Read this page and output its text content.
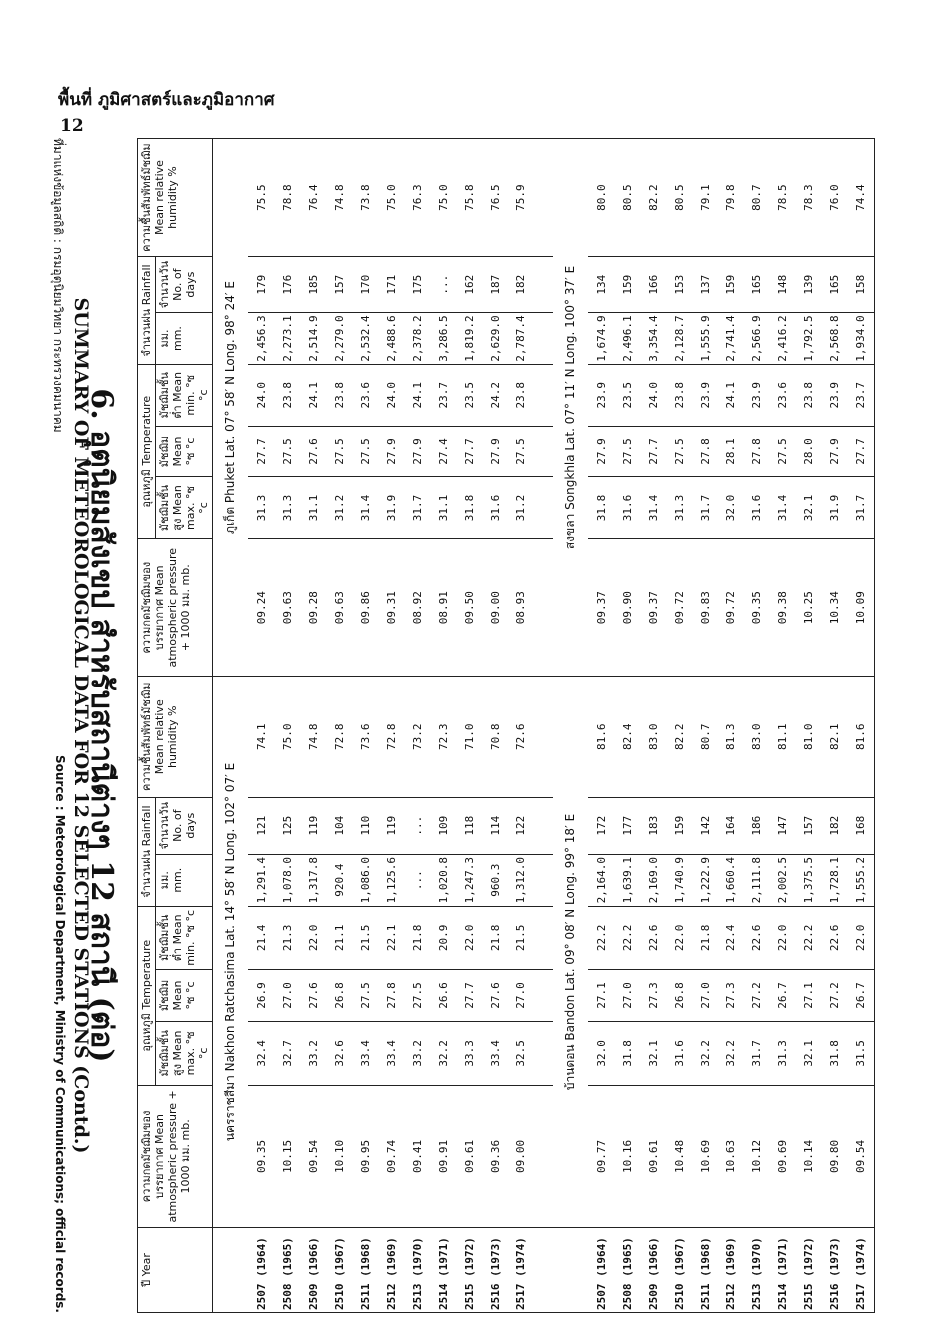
พื้นที่ ภูมิศาสตร์และภูมิอากาศ
12
ปี Year	ความกดมัชฌิมของบรรยากาศ Mean atmospheric pressure + 1000 มม. mb.	อุณหภูมิ Temperature			จำนวนฝน Rainfall		ความชื้นสัมพัทธ์มัชฌิม Mean relative humidity %	ความกดมัชฌิมของบรรยากาศ Mean atmospheric pressure + 1000 มม. mb.	อุณหภูมิ Temperature			จำนวนฝน Rainfall		ความชื้นสัมพัทธ์มัชฌิม Mean relative humidity %
		มัชฌิมชั้นสูง Mean max. °ซ °c	มัชฌิม Mean °ซ °c	มัชฌิมชั้นต่ำ Mean min. °ซ °c	มม. mm.	จำนวนวัน No. of days			มัชฌิมชั้นสูง Mean max. °ซ °c	มัชฌิม Mean °ซ °c	มัชฌิมชั้นต่ำ Mean min. °ซ °c	มม. mm.	จำนวนวัน No. of days	
	นครราชสีมา Nakhon Ratchasima Lat. 14° 58′ N Long. 102° 07′ E							ภูเก็ต Phuket Lat. 07° 58′ N Long. 98° 24′ E						
2507 (1964)	09.35	32.4	26.9	21.4	1,291.4	121	74.1	09.24	31.3	27.7	24.0	2,456.3	179	75.5
2508 (1965)	10.15	32.7	27.0	21.3	1,078.0	125	75.0	09.63	31.3	27.5	23.8	2,273.1	176	78.8
2509 (1966)	09.54	33.2	27.6	22.0	1,317.8	119	74.8	09.28	31.1	27.6	24.1	2,514.9	185	76.4
2510 (1967)	10.10	32.6	26.8	21.1	920.4	104	72.8	09.63	31.2	27.5	23.8	2,279.0	157	74.8
2511 (1968)	09.95	33.4	27.5	21.5	1,086.0	110	73.6	09.86	31.4	27.5	23.6	2,532.4	170	73.8
2512 (1969)	09.74	33.4	27.8	22.1	1,125.6	119	72.8	09.31	31.9	27.9	24.0	2,488.6	171	75.0
2513 (1970)	09.41	33.2	27.5	21.8	...	...	73.2	08.92	31.7	27.9	24.1	2,378.2	175	76.3
2514 (1971)	09.91	32.2	26.6	20.9	1,020.8	109	72.3	08.91	31.1	27.4	23.7	3,286.5	...	75.0
2515 (1972)	09.61	33.3	27.7	22.0	1,247.3	118	71.0	09.50	31.8	27.7	23.5	1,819.2	162	75.8
2516 (1973)	09.36	33.4	27.6	21.8	960.3	114	70.8	09.00	31.6	27.9	24.2	2,629.0	187	76.5
2517 (1974)	09.00	32.5	27.0	21.5	1,312.0	122	72.6	08.93	31.2	27.5	23.8	2,787.4	182	75.9

	บ้านดอน Bandon Lat. 09° 08′ N Long. 99° 18′ E							สงขลา Songkhla Lat. 07° 11′ N Long. 100° 37′ E						
2507 (1964)	09.77	32.0	27.1	22.2	2,164.0	172	81.6	09.37	31.8	27.9	23.9	1,674.9	134	80.0
2508 (1965)	10.16	31.8	27.0	22.2	1,639.1	177	82.4	09.90	31.6	27.5	23.5	2,496.1	159	80.5
2509 (1966)	09.61	32.1	27.3	22.6	2,169.0	183	83.0	09.37	31.4	27.7	24.0	3,354.4	166	82.2
2510 (1967)	10.48	31.6	26.8	22.0	1,740.9	159	82.2	09.72	31.3	27.5	23.8	2,128.7	153	80.5
2511 (1968)	10.69	32.2	27.0	21.8	1,222.9	142	80.7	09.83	31.7	27.8	23.9	1,555.9	137	79.1
2512 (1969)	10.63	32.2	27.3	22.4	1,660.4	164	81.3	09.72	32.0	28.1	24.1	2,741.4	159	79.8
2513 (1970)	10.12	31.7	27.2	22.6	2,111.8	186	83.0	09.35	31.6	27.8	23.9	2,566.9	165	80.7
2514 (1971)	09.69	31.3	26.7	22.0	2,002.5	147	81.1	09.38	31.4	27.5	23.6	2,416.2	148	78.5
2515 (1972)	10.14	32.1	27.1	22.2	1,375.5	157	81.0	10.25	32.1	28.0	23.8	1,792.5	139	78.3
2516 (1973)	09.80	31.8	27.2	22.6	1,728.1	182	82.1	10.34	31.9	27.9	23.9	2,568.8	165	76.0
2517 (1974)	09.54	31.5	26.7	22.0	1,555.2	168	81.6	10.09	31.7	27.7	23.7	1,934.0	158	74.4
6. อุตุนิยมสังเขป สำหรับสถานีต่างๆ 12 สถานี (ต่อ)
SUMMARY OF METEOROLOGICAL DATA FOR 12 SELECTED STATIONS (Contd.)
ที่มาแห่งข้อมูลสถิติ : กรมอุตุนิยมวิทยา กระทรวงคมนาคม
Source : Meteorological Department, Ministry of Communications; official records.
